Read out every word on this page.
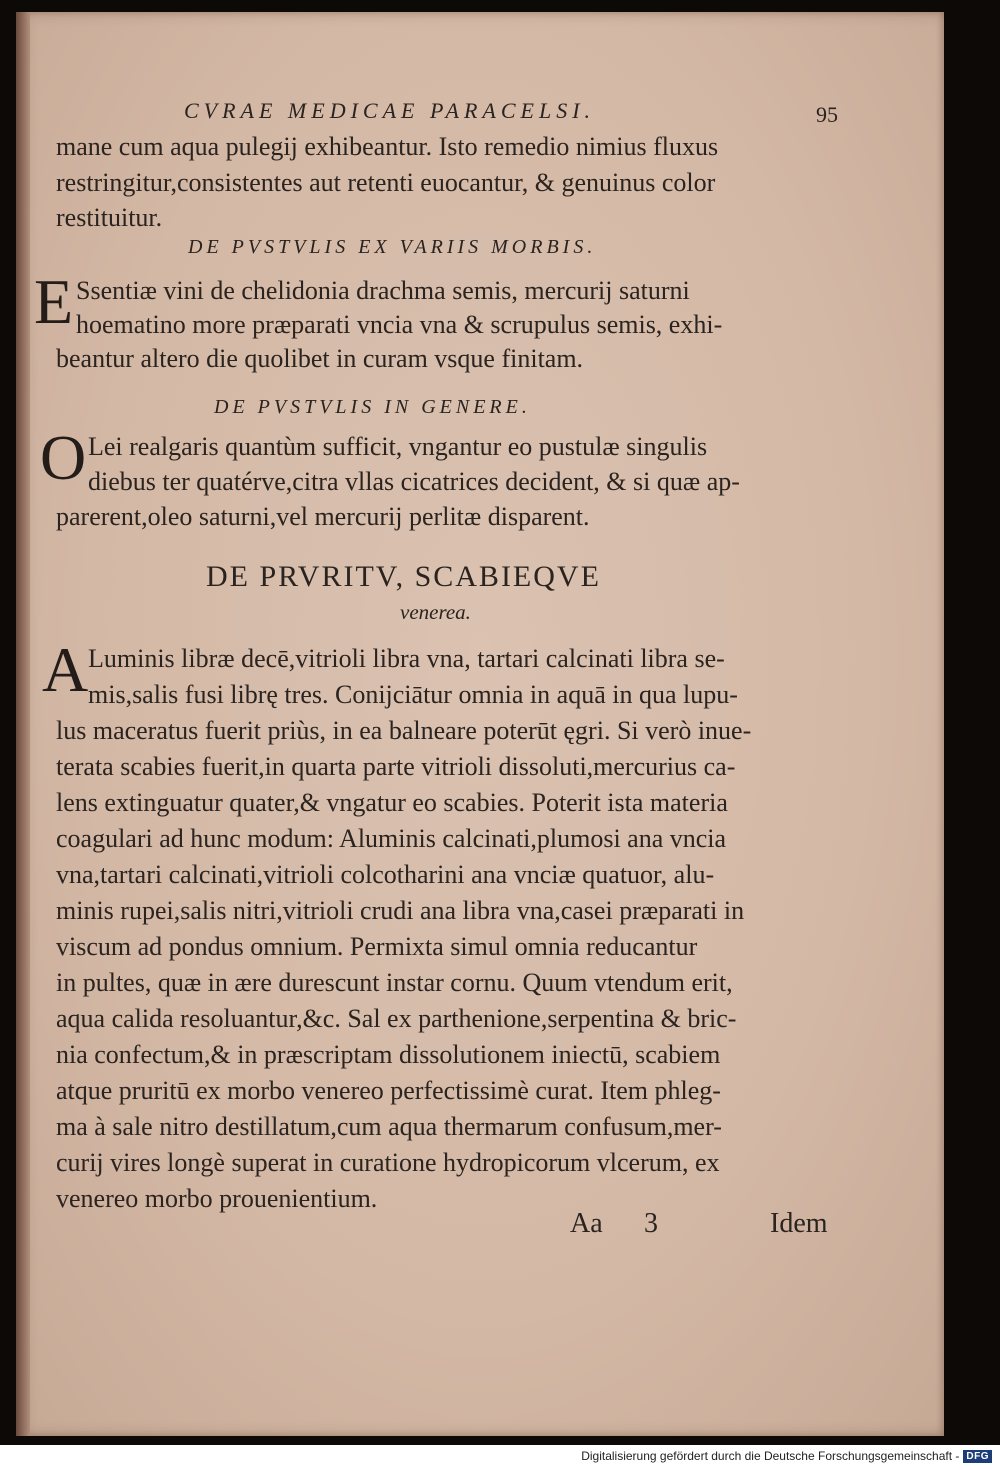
CVRAE MEDICAE PARACELSI.	95
mane cum aqua pulegij exhibeantur. Isto remedio nimius fluxus
restringitur,consistentes aut retenti euocantur, & genuinus color
restituitur.
DE PVSTVLIS EX VARIIS MORBIS.
E Ssentiæ vini de chelidonia drachma semis, mercurij saturni
hoematino more præparati vncia vna & scrupulus semis, exhi-
beantur altero die quolibet in curam vsque finitam.
DE PVSTVLIS IN GENERE.
O Lei realgaris quantùm sufficit, vngantur eo pustulæ singulis
diebus ter quatérve,citra vllas cicatrices decident, & si quæ ap-
parerent,oleo saturni,vel mercurij perlitæ disparent.
DE PRVRITV, SCABIEQVE
venerea.
A Luminis libræ decē,vitrioli libra vna, tartari calcinati libra se-
mis,salis fusi librę tres. Conijciātur omnia in aquā in qua lupu-
lus maceratus fuerit priùs, in ea balneare poterūt ęgri. Si verò inue-
terata scabies fuerit,in quarta parte vitrioli dissoluti,mercurius ca-
lens extinguatur quater,& vngatur eo scabies. Poterit ista materia
coagulari ad hunc modum: Aluminis calcinati,plumosi ana vncia
vna,tartari calcinati,vitrioli colcotharini ana vnciæ quatuor, alu-
minis rupei,salis nitri,vitrioli crudi ana libra vna,casei præparati in
viscum ad pondus omnium. Permixta simul omnia reducantur
in pultes, quæ in ære durescunt instar cornu. Quum vtendum erit,
aqua calida resoluantur,&c. Sal ex parthenione,serpentina & bric-
nia confectum,& in præscriptam dissolutionem iniectū, scabiem
atque pruritū ex morbo venereo perfectissimè curat. Item phleg-
ma à sale nitro destillatum,cum aqua thermarum confusum,mer-
curij vires longè superat in curatione hydropicorum vlcerum, ex
venereo morbo prouenientium.
Aa 3	Idem
Digitalisierung gefördert durch die Deutsche Forschungsgemeinschaft - DFG
